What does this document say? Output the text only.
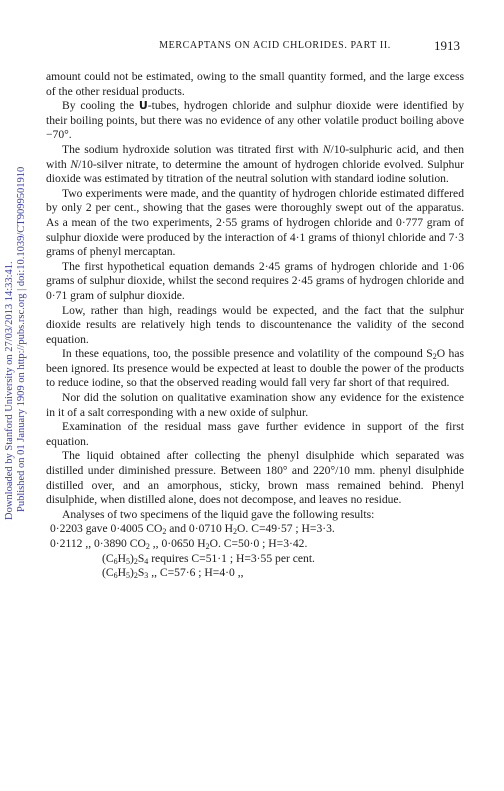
MERCAPTANS ON ACID CHLORIDES. PART II.	1913
Downloaded by Stanford University on 27/03/2013 14:33:41. Published on 01 January 1909 on http://pubs.rsc.org | doi:10.1039/CT9099501910

amount could not be estimated, owing to the small quantity formed, and the large excess of the other residual products.

By cooling the U-tubes, hydrogen chloride and sulphur dioxide were identified by their boiling points, but there was no evidence of any other volatile product boiling above −70°.

The sodium hydroxide solution was titrated first with N/10-sulphuric acid, and then with N/10-silver nitrate, to determine the amount of hydrogen chloride evolved. Sulphur dioxide was estimated by titration of the neutral solution with standard iodine solution.

Two experiments were made, and the quantity of hydrogen chloride estimated differed by only 2 per cent., showing that the gases were thoroughly swept out of the apparatus. As a mean of the two experiments, 2·55 grams of hydrogen chloride and 0·777 gram of sulphur dioxide were produced by the interaction of 4·1 grams of thionyl chloride and 7·3 grams of phenyl mercaptan.

The first hypothetical equation demands 2·45 grams of hydrogen chloride and 1·06 grams of sulphur dioxide, whilst the second requires 2·45 grams of hydrogen chloride and 0·71 gram of sulphur dioxide.

Low, rather than high, readings would be expected, and the fact that the sulphur dioxide results are relatively high tends to discountenance the validity of the second equation.

In these equations, too, the possible presence and volatility of the compound $S_2O$ has been ignored. Its presence would be expected at least to double the power of the products to reduce iodine, so that the observed reading would fall very far short of that required.

Nor did the solution on qualitative examination show any evidence for the existence in it of a salt corresponding with a new oxide of sulphur.

Examination of the residual mass gave further evidence in support of the first equation.

The liquid obtained after collecting the phenyl disulphide which separated was distilled under diminished pressure. Between 180° and 220°/10 mm. phenyl disulphide distilled over, and an amorphous, sticky, brown mass remained behind. Phenyl disulphide, when distilled alone, does not decompose, and leaves no residue.

Analyses of two specimens of the liquid gave the following results:

0·2203 gave 0·4005 $CO_2$ and 0·0710 $H_2O$. C=49·57 ; H=3·3.
0·2112 ,, 0·3890 $CO_2$ ,, 0·0650 $H_2O$. C=50·0 ; H=3·42.
$(C_6H_5)_2S_4$ requires C=51·1 ; H=3·55 per cent.
$(C_6H_5)_2S_3$ ,, C=57·6 ; H=4·0 ,,
